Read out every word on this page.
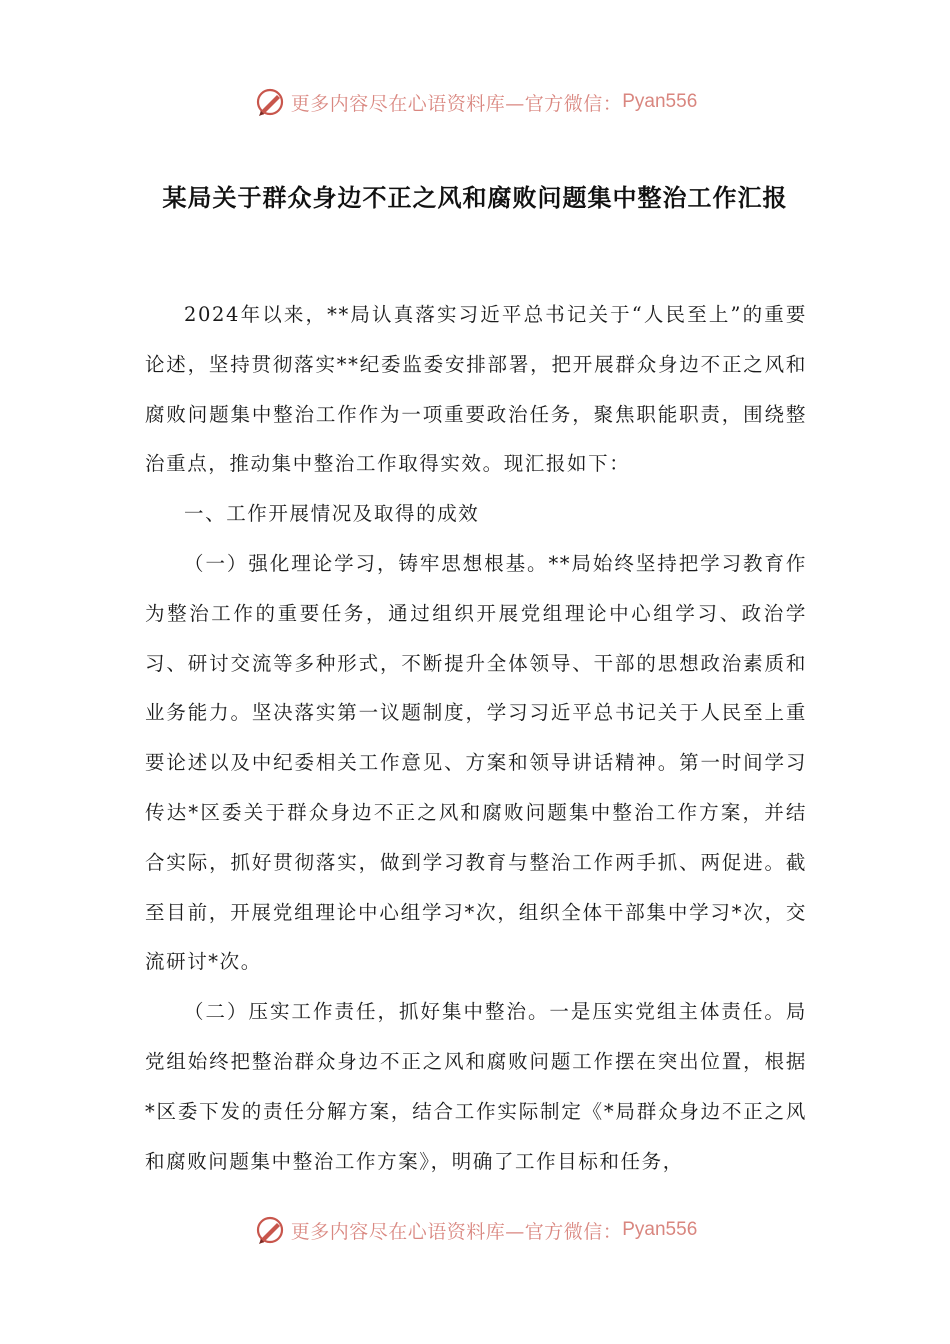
更多内容尽在心语资料库—官方微信： Pyan556
某局关于群众身边不正之风和腐败问题集中整治工作汇报

2024年以来，**局认真落实习近平总书记关于“人民至上”的重要论述，坚持贯彻落实**纪委监委安排部署，把开展群众身边不正之风和腐败问题集中整治工作作为一项重要政治任务，聚焦职能职责，围绕整治重点，推动集中整治工作取得实效。现汇报如下：

一、工作开展情况及取得的成效

（一）强化理论学习，铸牢思想根基。**局始终坚持把学习教育作为整治工作的重要任务，通过组织开展党组理论中心组学习、政治学习、研讨交流等多种形式，不断提升全体领导、干部的思想政治素质和业务能力。坚决落实第一议题制度，学习习近平总书记关于人民至上重要论述以及中纪委相关工作意见、方案和领导讲话精神。第一时间学习传达*区委关于群众身边不正之风和腐败问题集中整治工作方案，并结合实际，抓好贯彻落实，做到学习教育与整治工作两手抓、两促进。截至目前，开展党组理论中心组学习*次，组织全体干部集中学习*次，交流研讨*次。

（二）压实工作责任，抓好集中整治。一是压实党组主体责任。局党组始终把整治群众身边不正之风和腐败问题工作摆在突出位置，根据*区委下发的责任分解方案，结合工作实际制定《*局群众身边不正之风和腐败问题集中整治工作方案》，明确了工作目标和任务，

更多内容尽在心语资料库—官方微信： Pyan556
